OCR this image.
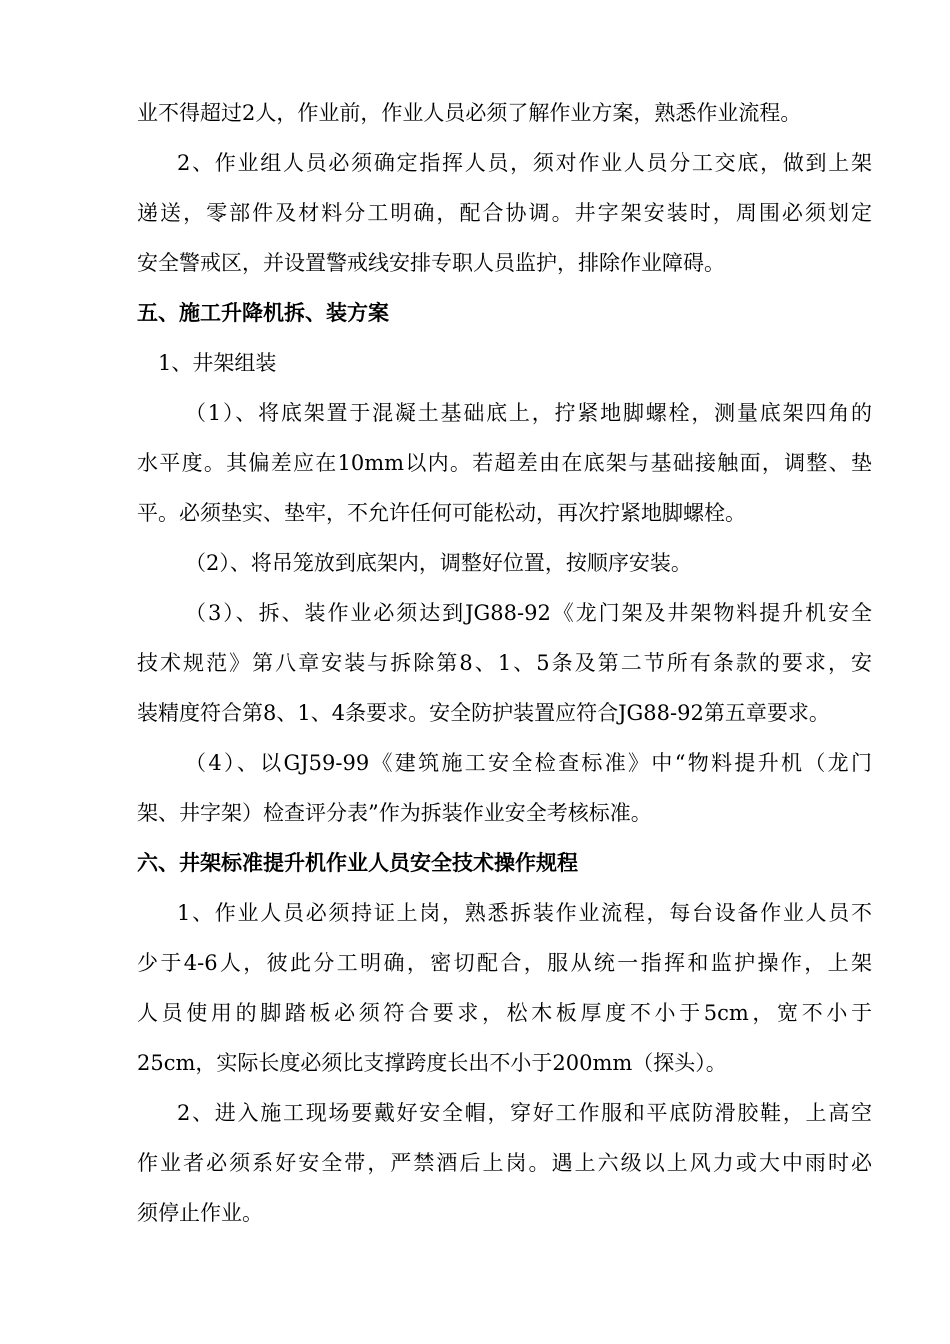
业不得超过2人，作业前，作业人员必须了解作业方案，熟悉作业流程。
2、作业组人员必须确定指挥人员，须对作业人员分工交底，做到上架
递送，零部件及材料分工明确，配合协调。井字架安装时，周围必须划定
安全警戒区，并设置警戒线安排专职人员监护，排除作业障碍。
五、施工升降机拆、装方案
1、井架组装
（1）、将底架置于混凝土基础底上，拧紧地脚螺栓，测量底架四角的
水平度。其偏差应在10mm以内。若超差由在底架与基础接触面，调整、垫
平。必须垫实、垫牢，不允许任何可能松动，再次拧紧地脚螺栓。
（2）、将吊笼放到底架内，调整好位置，按顺序安装。
（3）、拆、装作业必须达到JG88-92《龙门架及井架物料提升机安全
技术规范》第八章安装与拆除第8、1、5条及第二节所有条款的要求，安
装精度符合第8、1、4条要求。安全防护装置应符合JG88-92第五章要求。
（4）、以GJ59-99《建筑施工安全检查标准》中“物料提升机（龙门
架、井字架）检查评分表”作为拆装作业安全考核标准。
六、井架标准提升机作业人员安全技术操作规程
1、作业人员必须持证上岗，熟悉拆装作业流程，每台设备作业人员不
少于4-6人，彼此分工明确，密切配合，服从统一指挥和监护操作，上架
人员使用的脚踏板必须符合要求，松木板厚度不小于5cm，宽不小于
25cm，实际长度必须比支撑跨度长出不小于200mm（探头）。
2、进入施工现场要戴好安全帽，穿好工作服和平底防滑胶鞋，上高空
作业者必须系好安全带，严禁酒后上岗。遇上六级以上风力或大中雨时必
须停止作业。
